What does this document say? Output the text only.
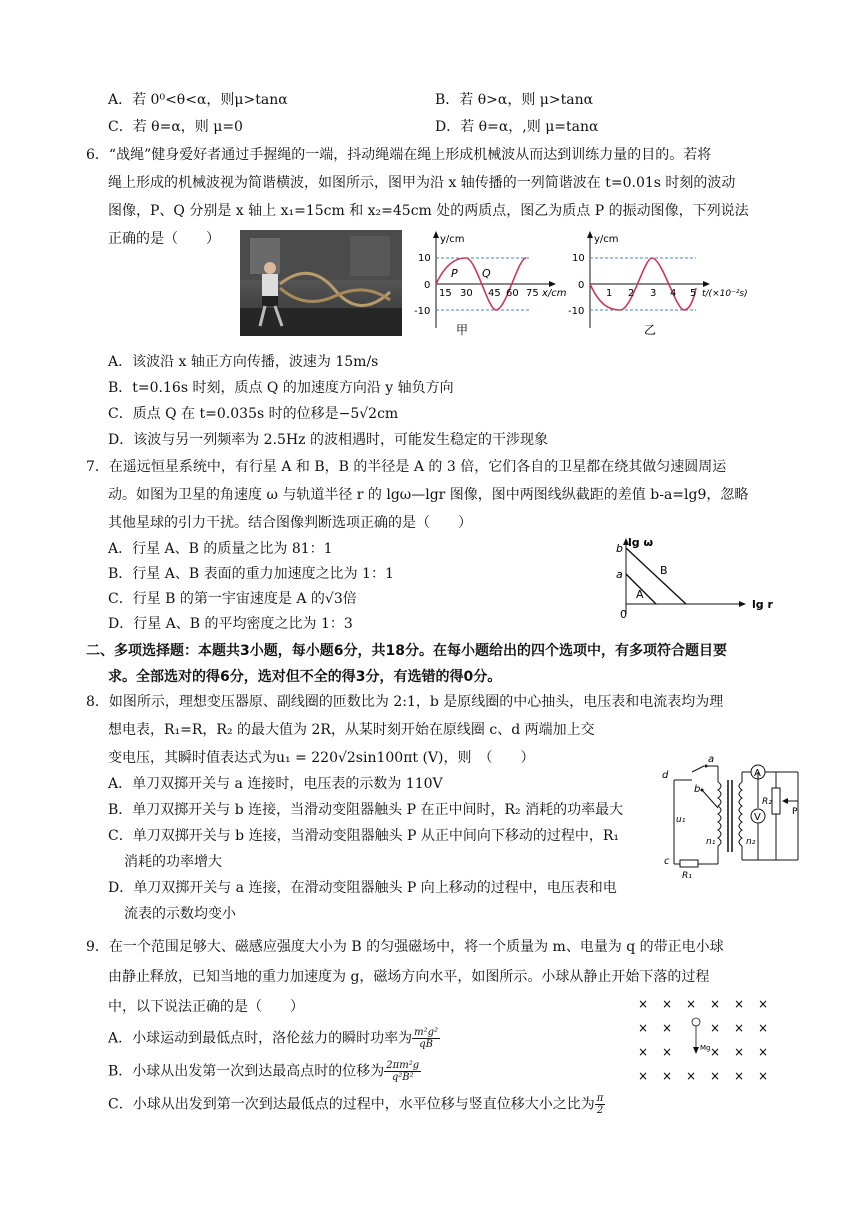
A．若 0⁰<θ<α，则μ>tanα	B．若 θ>α，则 μ>tanα
C．若 θ=α，则 μ=0	D．若 θ=α，,则 μ=tanα
6．“战绳”健身爱好者通过手握绳的一端，抖动绳端在绳上形成机械波从而达到训练力量的目的。若将
绳上形成的机械波视为简谐横波，如图所示，图甲为沿 x 轴传播的一列简谐波在 t=0.01s 时刻的波动
图像，P、Q 分别是 x 轴上 x₁=15cm 和 x₂=45cm 处的两质点，图乙为质点 P 的振动图像，下列说法
正确的是（　　）	y/cm
10
0
-10
15 30 45 60 75 x/cm
P Q
甲
y/cm
10
0
-10
1 2 3 4 5 t/(×10⁻²s)
乙
A．该波沿 x 轴正方向传播，波速为 15m/s
B．t=0.16s 时刻，质点 Q 的加速度方向沿 y 轴负方向
C．质点 Q 在 t=0.035s 时的位移是−5√2cm
D．该波与另一列频率为 2.5Hz 的波相遇时，可能发生稳定的干涉现象
7．在遥远恒星系统中，有行星 A 和 B，B 的半径是 A 的 3 倍，它们各自的卫星都在绕其做匀速圆周运
动。如图为卫星的角速度 ω 与轨道半径 r 的 lgω—lgr 图像，图中两图线纵截距的差值 b-a=lg9，忽略
其他星球的引力干扰。结合图像判断选项正确的是（　　）
A．行星 A、B 的质量之比为 81：1
B．行星 A、B 表面的重力加速度之比为 1：1
C．行星 B 的第一宇宙速度是 A 的√3倍
D．行星 A、B 的平均密度之比为 1：3
lg ω
lg r
b
a
0
A
B
二、多项选择题：本题共3小题，每小题6分，共18分。在每小题给出的四个选项中，有多项符合题目要
求。全部选对的得6分，选对但不全的得3分，有选错的得0分。
8．如图所示，理想变压器原、副线圈的匝数比为 2:1，b 是原线圈的中心抽头，电压表和电流表均为理
想电表，R₁=R，R₂ 的最大值为 2R，从某时刻开始在原线圈 c、d 两端加上交
变电压，其瞬时值表达式为u₁ = 220√2sin100πt (V)，则　（　　）
A．单刀双掷开关与 a 连接时，电压表的示数为 110V
B．单刀双掷开关与 b 连接，当滑动变阻器触头 P 在正中间时，R₂ 消耗的功率最大
C．单刀双掷开关与 b 连接，当滑动变阻器触头 P 从正中间向下移动的过程中，R₁
消耗的功率增大
D．单刀双掷开关与 a 连接，在滑动变阻器触头 P 向上移动的过程中，电压表和电
流表的示数均变小
A
V
d
a
b
c
u₁
n₁	n₂
R₁
R₂
P
9．在一个范围足够大、磁感应强度大小为 B 的匀强磁场中，将一个质量为 m、电量为 q 的带正电小球
由静止释放，已知当地的重力加速度为 g，磁场方向水平，如图所示。小球从静止开始下落的过程
中，以下说法正确的是（　　）
A．小球运动到最低点时，洛伦兹力的瞬时功率为 $\frac{\text{m²g²}}{qB}$
B．小球从出发第一次到达最高点时的位移为 $\frac{\text{2πm²g}}{\text{q²B²}}$
C．小球从出发到第一次到达最低点的过程中，水平位移与竖直位移大小之比为 $\frac{\pi}{2}$
Mg
× × × × × ×
× ×	× × ×
× ×	× × ×
× × × × × ×
